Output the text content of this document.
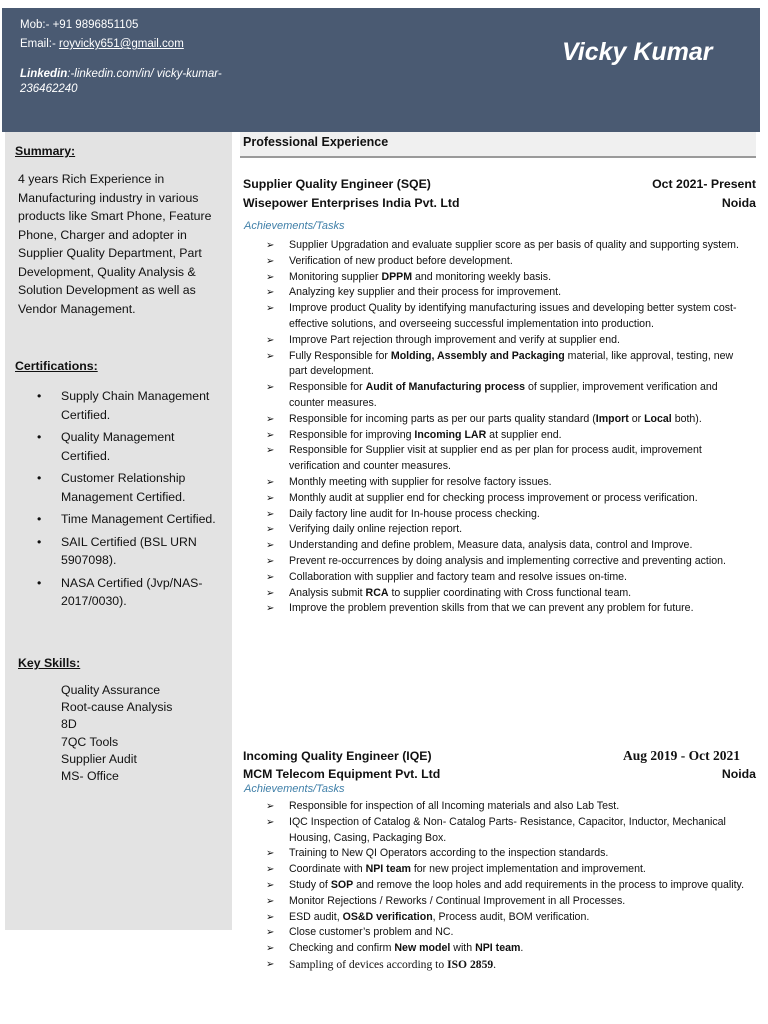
Mob:- +91 9896851105
Email:- royvicky651@gmail.com
Linkedin:-linkedin.com/in/ vicky-kumar- 236462240
Vicky Kumar
Summary:
4 years Rich Experience in Manufacturing industry in various products like Smart Phone, Feature Phone, Charger and adopter in Supplier Quality Department, Part Development, Quality Analysis & Solution Development as well as Vendor Management.
Certifications:
• Supply Chain Management Certified.
• Quality Management Certified.
• Customer Relationship Management Certified.
• Time Management Certified.
• SAIL Certified (BSL URN 5907098).
• NASA Certified (Jvp/NAS-2017/0030).
Key Skills:
Quality Assurance
Root-cause Analysis
8D
7QC Tools
Supplier Audit
MS- Office
Professional Experience
Supplier Quality Engineer (SQE)	Oct 2021- Present
Wisepower Enterprises India Pvt. Ltd	Noida
Achievements/Tasks
➢ Supplier Upgradation and evaluate supplier score as per basis of quality and supporting system.
➢ Verification of new product before development.
➢ Monitoring supplier DPPM and monitoring weekly basis.
➢ Analyzing key supplier and their process for improvement.
➢ Improve product Quality by identifying manufacturing issues and developing better system cost-effective solutions, and overseeing successful implementation into production.
➢ Improve Part rejection through improvement and verify at supplier end.
➢ Fully Responsible for Molding, Assembly and Packaging material, like approval, testing, new part development.
➢ Responsible for Audit of Manufacturing process of supplier, improvement verification and counter measures.
➢ Responsible for incoming parts as per our parts quality standard (Import or Local both).
➢ Responsible for improving Incoming LAR at supplier end.
➢ Responsible for Supplier visit at supplier end as per plan for process audit, improvement verification and counter measures.
➢ Monthly meeting with supplier for resolve factory issues.
➢ Monthly audit at supplier end for checking process improvement or process verification.
➢ Daily factory line audit for In-house process checking.
➢ Verifying daily online rejection report.
➢ Understanding and define problem, Measure data, analysis data, control and Improve.
➢ Prevent re-occurrences by doing analysis and implementing corrective and preventing action.
➢ Collaboration with supplier and factory team and resolve issues on-time.
➢ Analysis submit RCA to supplier coordinating with Cross functional team.
➢ Improve the problem prevention skills from that we can prevent any problem for future.
Incoming Quality Engineer (IQE)	Aug 2019 - Oct 2021
MCM Telecom Equipment Pvt. Ltd	Noida
Achievements/Tasks
➢ Responsible for inspection of all Incoming materials and also Lab Test.
➢ IQC Inspection of Catalog & Non- Catalog Parts- Resistance, Capacitor, Inductor, Mechanical Housing, Casing, Packaging Box.
➢ Training to New QI Operators according to the inspection standards.
➢ Coordinate with NPI team for new project implementation and improvement.
➢ Study of SOP and remove the loop holes and add requirements in the process to improve quality.
➢ Monitor Rejections / Reworks / Continual Improvement in all Processes.
➢ ESD audit, OS&D verification, Process audit, BOM verification.
➢ Close customer’s problem and NC.
➢ Checking and confirm New model with NPI team.
➢ Sampling of devices according to ISO 2859.
